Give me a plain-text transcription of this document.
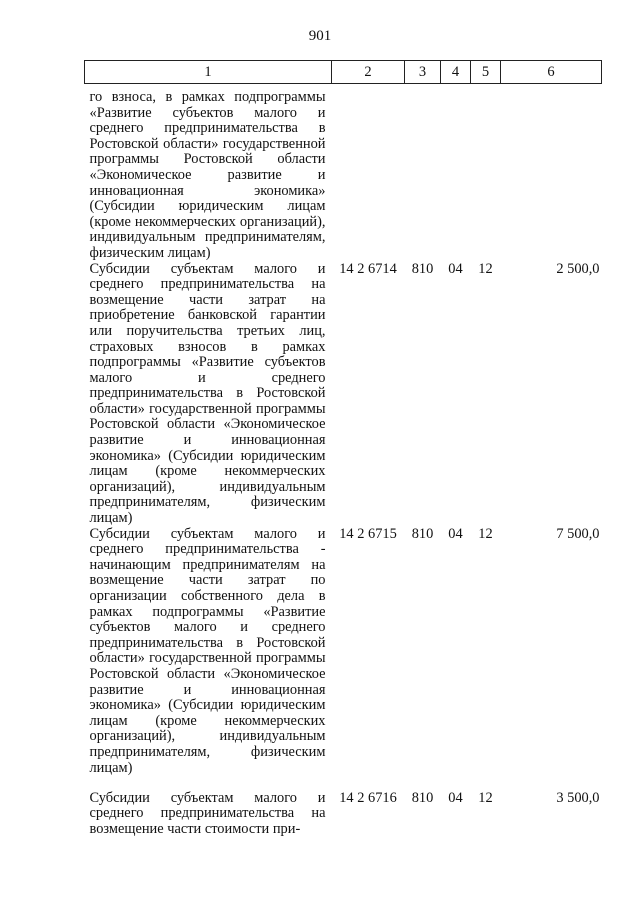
901
1	2	3	4	5	6
го взноса, в рамках подпрограммы «Развитие субъектов малого и среднего предпринимательства в Ростовской области» государственной программы Ростовской области «Экономическое развитие и инновационная экономика» (Субсидии юридическим лицам (кроме некоммерческих организаций), индивидуальным предпринимателям, физическим лицам)					
Субсидии субъектам малого и среднего предпринимательства на возмещение части затрат на приобретение банковской гарантии или поручительства третьих лиц, страховых взносов в рамках подпрограммы «Развитие субъектов малого и среднего предпринимательства в Ростовской области» государственной программы Ростовской области «Экономическое развитие и инновационная экономика» (Субсидии юридическим лицам (кроме некоммерческих организаций), индивидуальным предпринимателям, физическим лицам)	14 2 6714	810	04	12	2 500,0
Субсидии субъектам малого и среднего предпринимательства - начинающим предпринимателям на возмещение части затрат по организации собственного дела в рамках подпрограммы «Развитие субъектов малого и среднего предпринимательства в Ростовской области» государственной программы Ростовской области «Экономическое развитие и инновационная экономика» (Субсидии юридическим лицам (кроме некоммерческих организаций), индивидуальным предпринимателям, физическим лицам)	14 2 6715	810	04	12	7 500,0
Субсидии субъектам малого и среднего предпринимательства на возмещение части стоимости при-	14 2 6716	810	04	12	3 500,0
